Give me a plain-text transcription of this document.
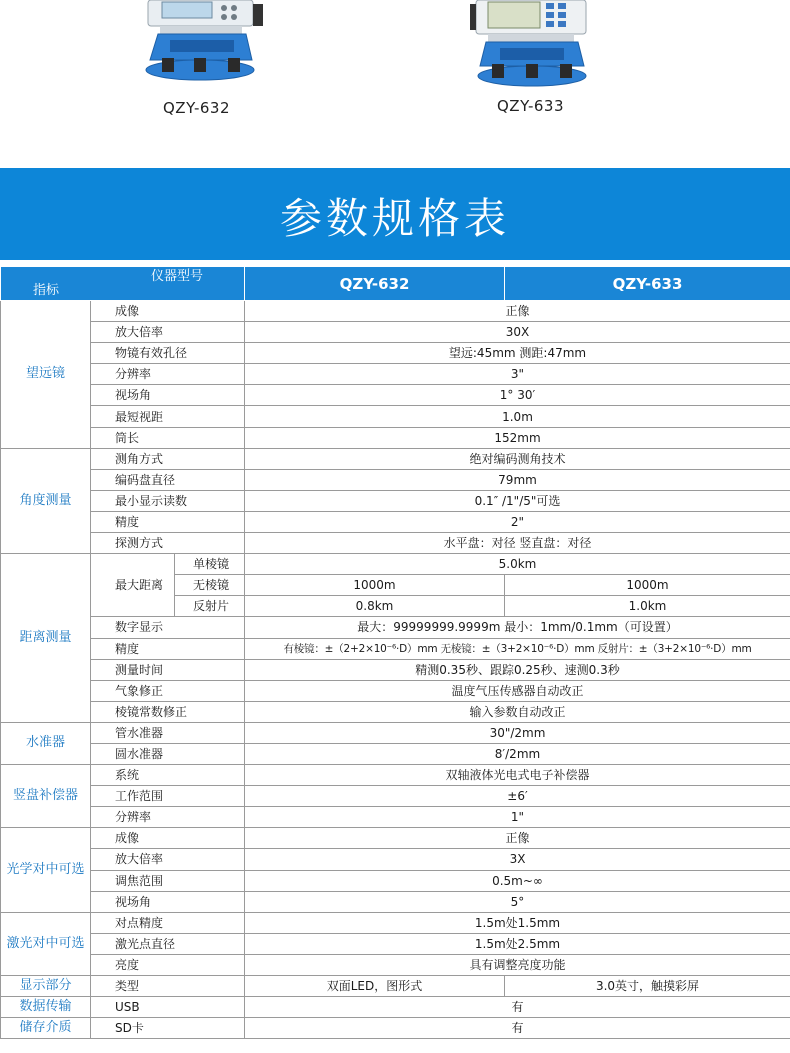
QZY-632	QZY-633
参数规格表
仪器型号
指标			QZY-632	QZY-633
望远镜	成像		正像	
	放大倍率		30X	
	物镜有效孔径		望远:45mm 测距:47mm	
	分辨率		3"	
	视场角		1° 30′	
	最短视距		1.0m	
	筒长		152mm	
角度测量	测角方式		绝对编码测角技术	
	编码盘直径		79mm	
	最小显示读数		0.1″ /1"/5"可选	
	精度		2"	
	探测方式		水平盘：对径 竖直盘：对径	
距离测量	最大距离	单棱镜	5.0km	
		无棱镜	1000m	1000m
		反射片	0.8km	1.0km
	数字显示		最大：99999999.9999m 最小：1mm/0.1mm（可设置）	
	精度		有棱镜：±（2+2×10⁻⁶·D）mm 无棱镜：±（3+2×10⁻⁶·D）mm 反射片：±（3+2×10⁻⁶·D）mm	
	测量时间		精测0.35秒、跟踪0.25秒、速测0.3秒	
	气象修正		温度气压传感器自动改正	
	棱镜常数修正		输入参数自动改正	
水准器	管水准器		30"/2mm	
	圆水准器		8′/2mm	
竖盘补偿器	系统		双轴液体光电式电子补偿器	
	工作范围		±6′	
	分辨率		1"	
光学对中可选	成像		正像	
	放大倍率		3X	
	调焦范围		0.5m~∞	
	视场角		5°	
激光对中可选	对点精度		1.5m处1.5mm	
	激光点直径		1.5m处2.5mm	
	亮度		具有调整亮度功能	
显示部分	类型		双面LED，图形式	3.0英寸，触摸彩屏
数据传输	USB		有	
储存介质	SD卡		有	
